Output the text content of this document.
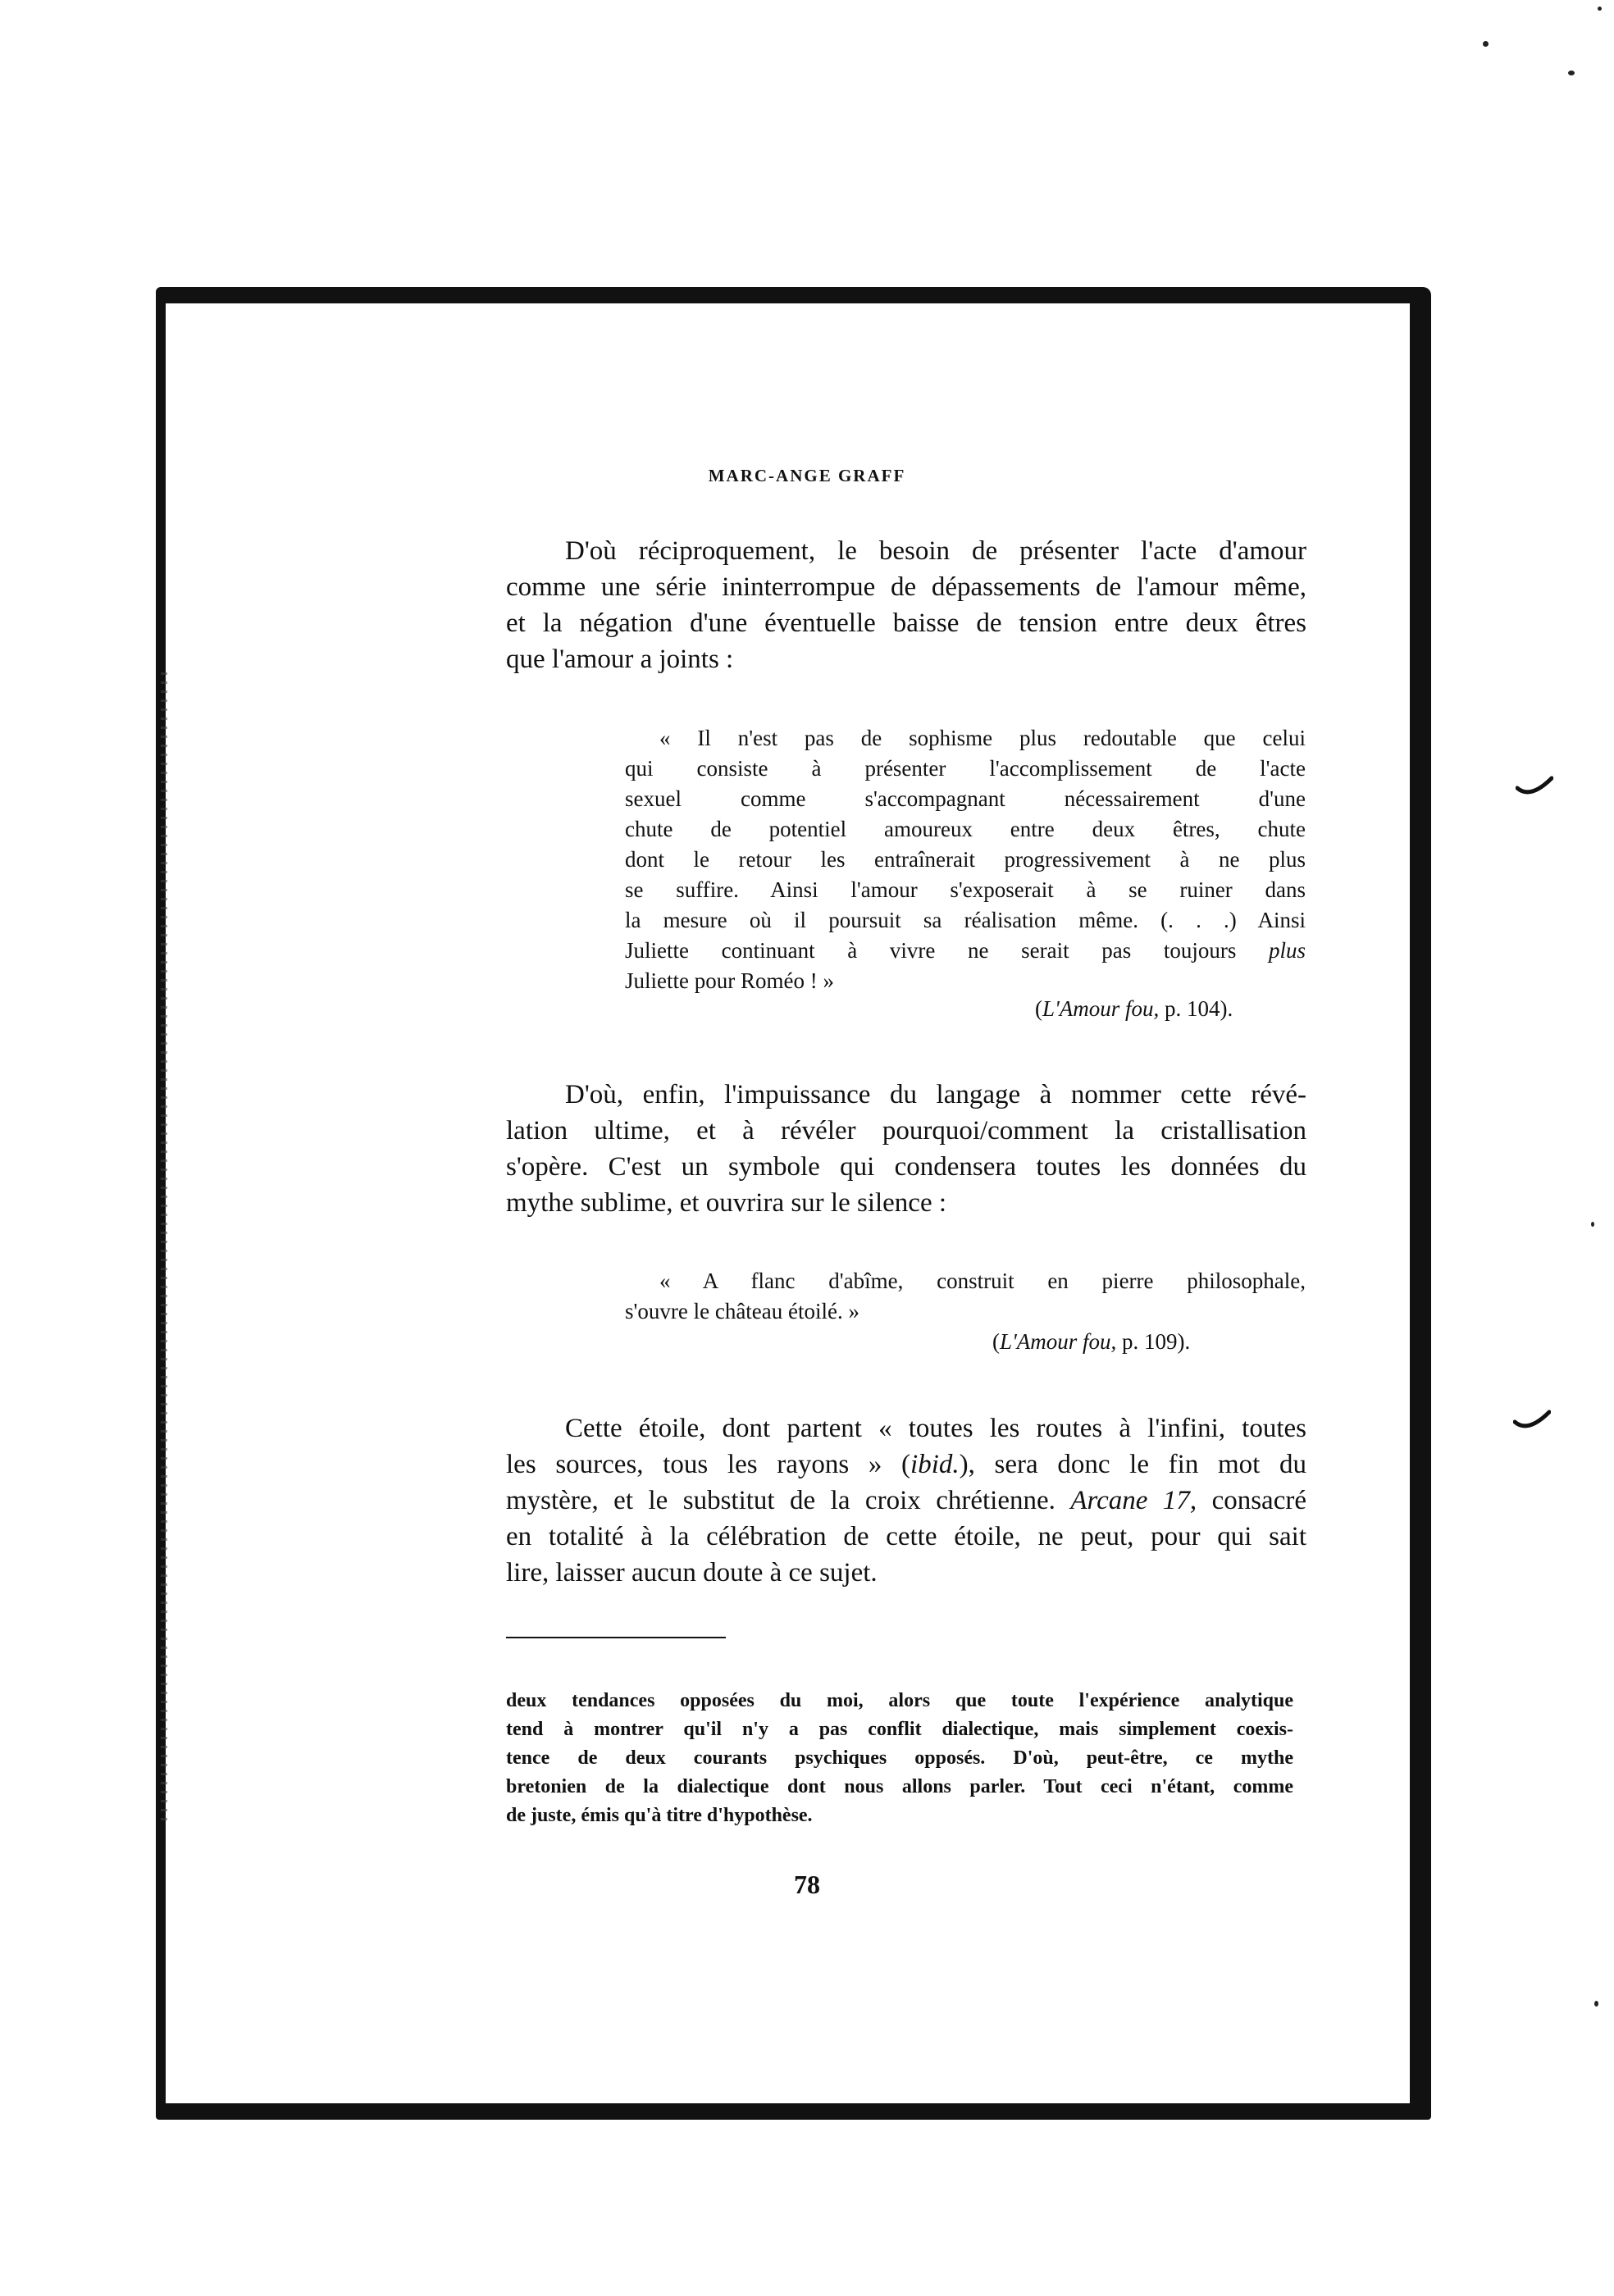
MARC-ANGE GRAFF
D'où réciproquement, le besoin de présenter l'acte d'amour
comme une série ininterrompue de dépassements de l'amour même,
et la négation d'une éventuelle baisse de tension entre deux êtres
que l'amour a joints :
« Il n'est pas de sophisme plus redoutable que celui
qui consiste à présenter l'accomplissement de l'acte
sexuel comme s'accompagnant nécessairement d'une
chute de potentiel amoureux entre deux êtres, chute
dont le retour les entraînerait progressivement à ne plus
se suffire. Ainsi l'amour s'exposerait à se ruiner dans
la mesure où il poursuit sa réalisation même. (. . .) Ainsi
Juliette continuant à vivre ne serait pas toujours plus
Juliette pour Roméo ! »
(L'Amour fou, p. 104).
D'où, enfin, l'impuissance du langage à nommer cette révé-
lation ultime, et à révéler pourquoi/comment la cristallisation
s'opère. C'est un symbole qui condensera toutes les données du
mythe sublime, et ouvrira sur le silence :
« A flanc d'abîme, construit en pierre philosophale,
s'ouvre le château étoilé. »
(L'Amour fou, p. 109).
Cette étoile, dont partent « toutes les routes à l'infini, toutes
les sources, tous les rayons » (ibid.), sera donc le fin mot du
mystère, et le substitut de la croix chrétienne. Arcane 17, consacré
en totalité à la célébration de cette étoile, ne peut, pour qui sait
lire, laisser aucun doute à ce sujet.
deux tendances opposées du moi, alors que toute l'expérience analytique
tend à montrer qu'il n'y a pas conflit dialectique, mais simplement coexis-
tence de deux courants psychiques opposés. D'où, peut-être, ce mythe
bretonien de la dialectique dont nous allons parler. Tout ceci n'étant, comme
de juste, émis qu'à titre d'hypothèse.
78
